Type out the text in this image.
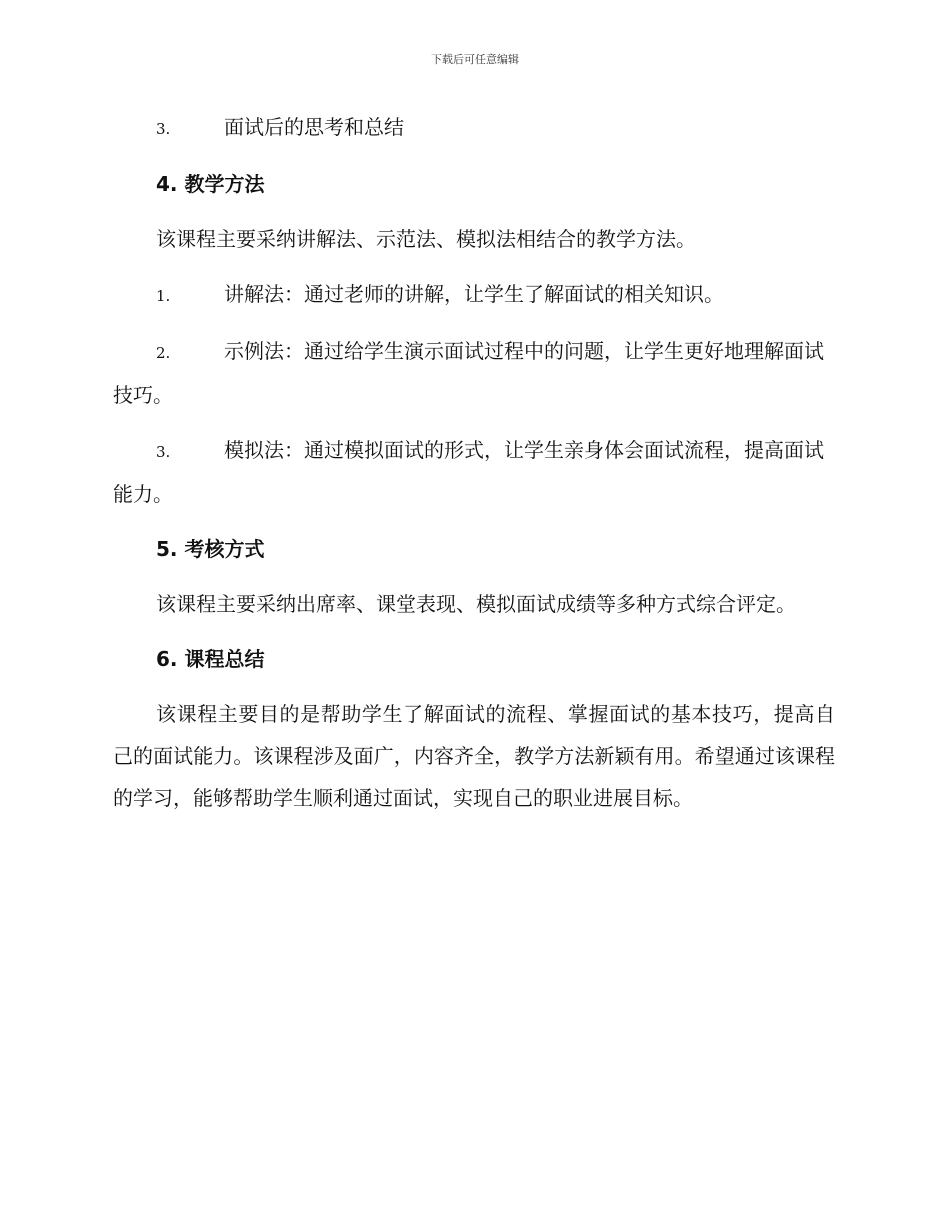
下载后可任意编辑
3.	面试后的思考和总结
4. 教学方法
该课程主要采纳讲解法、示范法、模拟法相结合的教学方法。
1.	讲解法：通过老师的讲解，让学生了解面试的相关知识。
2.	示例法：通过给学生演示面试过程中的问题，让学生更好地理解面试技巧。
3.	模拟法：通过模拟面试的形式，让学生亲身体会面试流程，提高面试能力。
5. 考核方式
该课程主要采纳出席率、课堂表现、模拟面试成绩等多种方式综合评定。
6. 课程总结
该课程主要目的是帮助学生了解面试的流程、掌握面试的基本技巧，提高自己的面试能力。该课程涉及面广，内容齐全，教学方法新颖有用。希望通过该课程的学习，能够帮助学生顺利通过面试，实现自己的职业进展目标。
